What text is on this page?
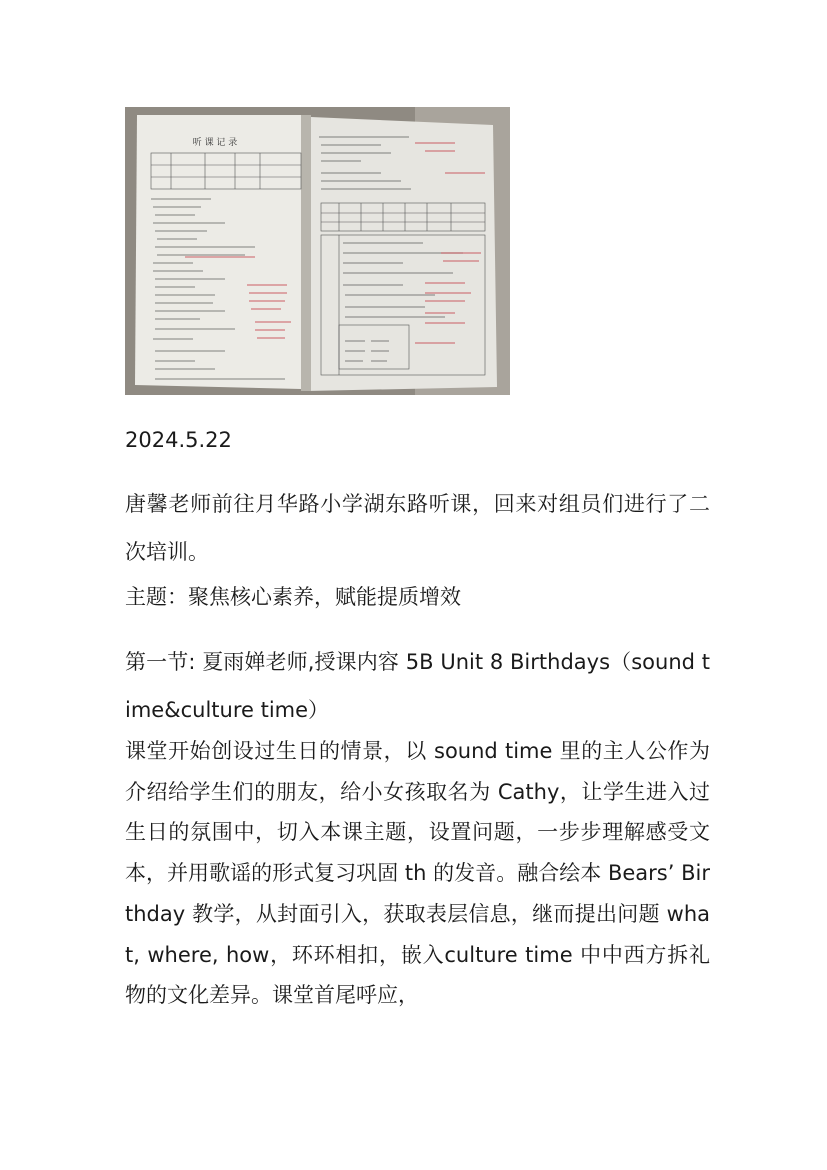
听 课 记 录
2024.5.22
唐馨老师前往月华路小学湖东路听课，回来对组员们进行了二次培训。
主题：聚焦核心素养，赋能提质增效
第一节: 夏雨婵老师,授课内容 5B Unit 8 Birthdays（sound time&culture time）
课堂开始创设过生日的情景，以 sound time 里的主人公作为介绍给学生们的朋友，给小女孩取名为 Cathy，让学生进入过生日的氛围中，切入本课主题，设置问题，一步步理解感受文本，并用歌谣的形式复习巩固 th 的发音。融合绘本 Bears’ Birthday 教学，从封面引入，获取表层信息，继而提出问题 what, where, how，环环相扣，嵌入culture time 中中西方拆礼物的文化差异。课堂首尾呼应，
